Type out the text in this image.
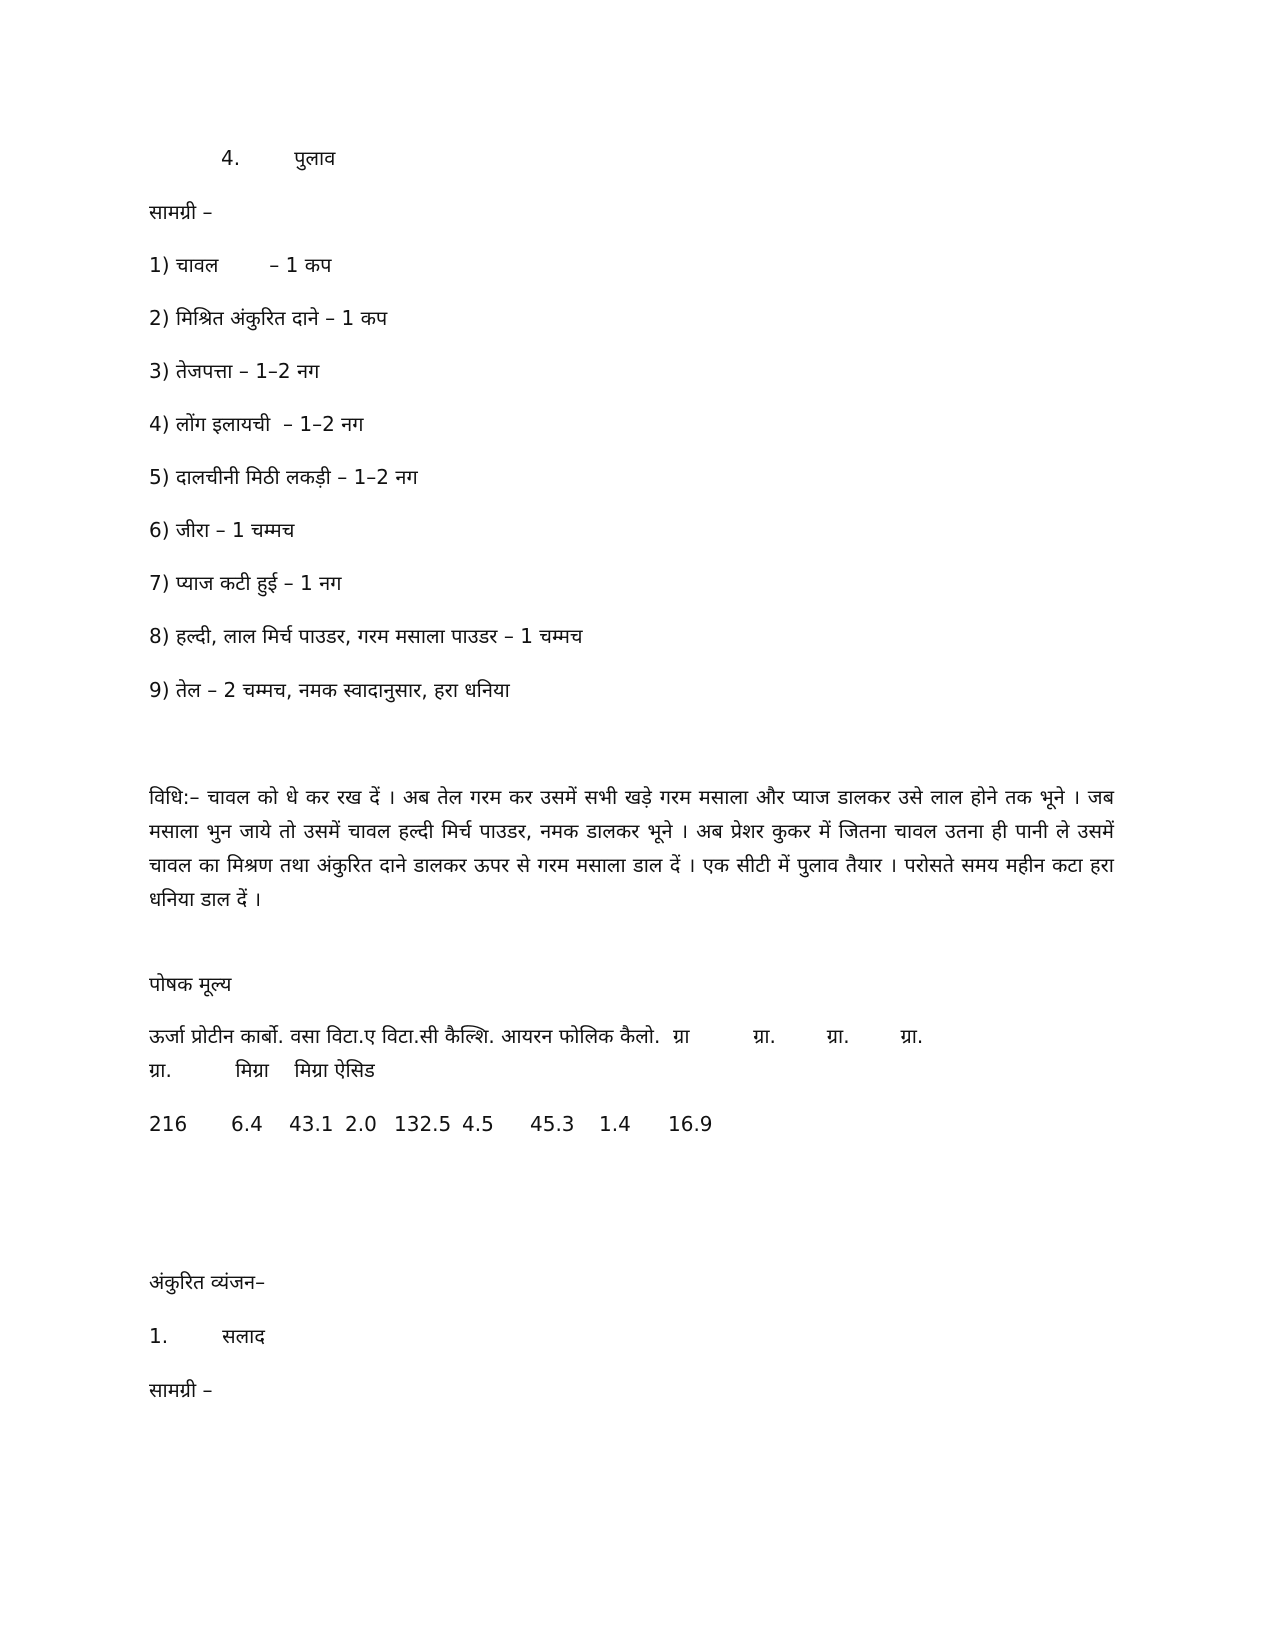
4.	पुलाव
सामग्री –
1) चावल        – 1 कप
2) मिश्रित अंकुरित दाने – 1 कप
3) तेजपत्ता – 1–2 नग
4) लोंग इलायची  – 1–2 नग
5) दालचीनी मिठी लकड़ी – 1–2 नग
6) जीरा – 1 चम्मच
7) प्याज कटी हुई – 1 नग
8) हल्दी, लाल मिर्च पाउडर, गरम मसाला पाउडर – 1 चम्मच
9) तेल – 2 चम्मच, नमक स्वादानुसार, हरा धनिया
विधि:– चावल को धे कर रख दें । अब तेल गरम कर उसमें सभी खड़े गरम मसाला और प्याज डालकर उसे लाल होने तक भूने । जब मसाला भुन जाये तो उसमें चावल हल्दी मिर्च पाउडर, नमक डालकर भूने । अब प्रेशर कुकर में जितना चावल उतना ही पानी ले उसमें चावल का मिश्रण तथा अंकुरित दाने डालकर ऊपर से गरम मसाला डाल दें । एक सीटी में पुलाव तैयार । परोसते समय महीन कटा हरा धनिया डाल दें ।
पोषक मूल्य
ऊर्जा प्रोटीन कार्बो. वसा विटा.ए विटा.सी कैल्शि. आयरन फोलिक कैलो.  ग्रा          ग्रा.        ग्रा.        ग्रा.
ग्रा.          मिग्रा    मिग्रा ऐसिड
216 6.4 43.1 2.0 132.5 4.5 45.3 1.4 16.9
अंकुरित व्यंजन–
1.	सलाद
सामग्री –
